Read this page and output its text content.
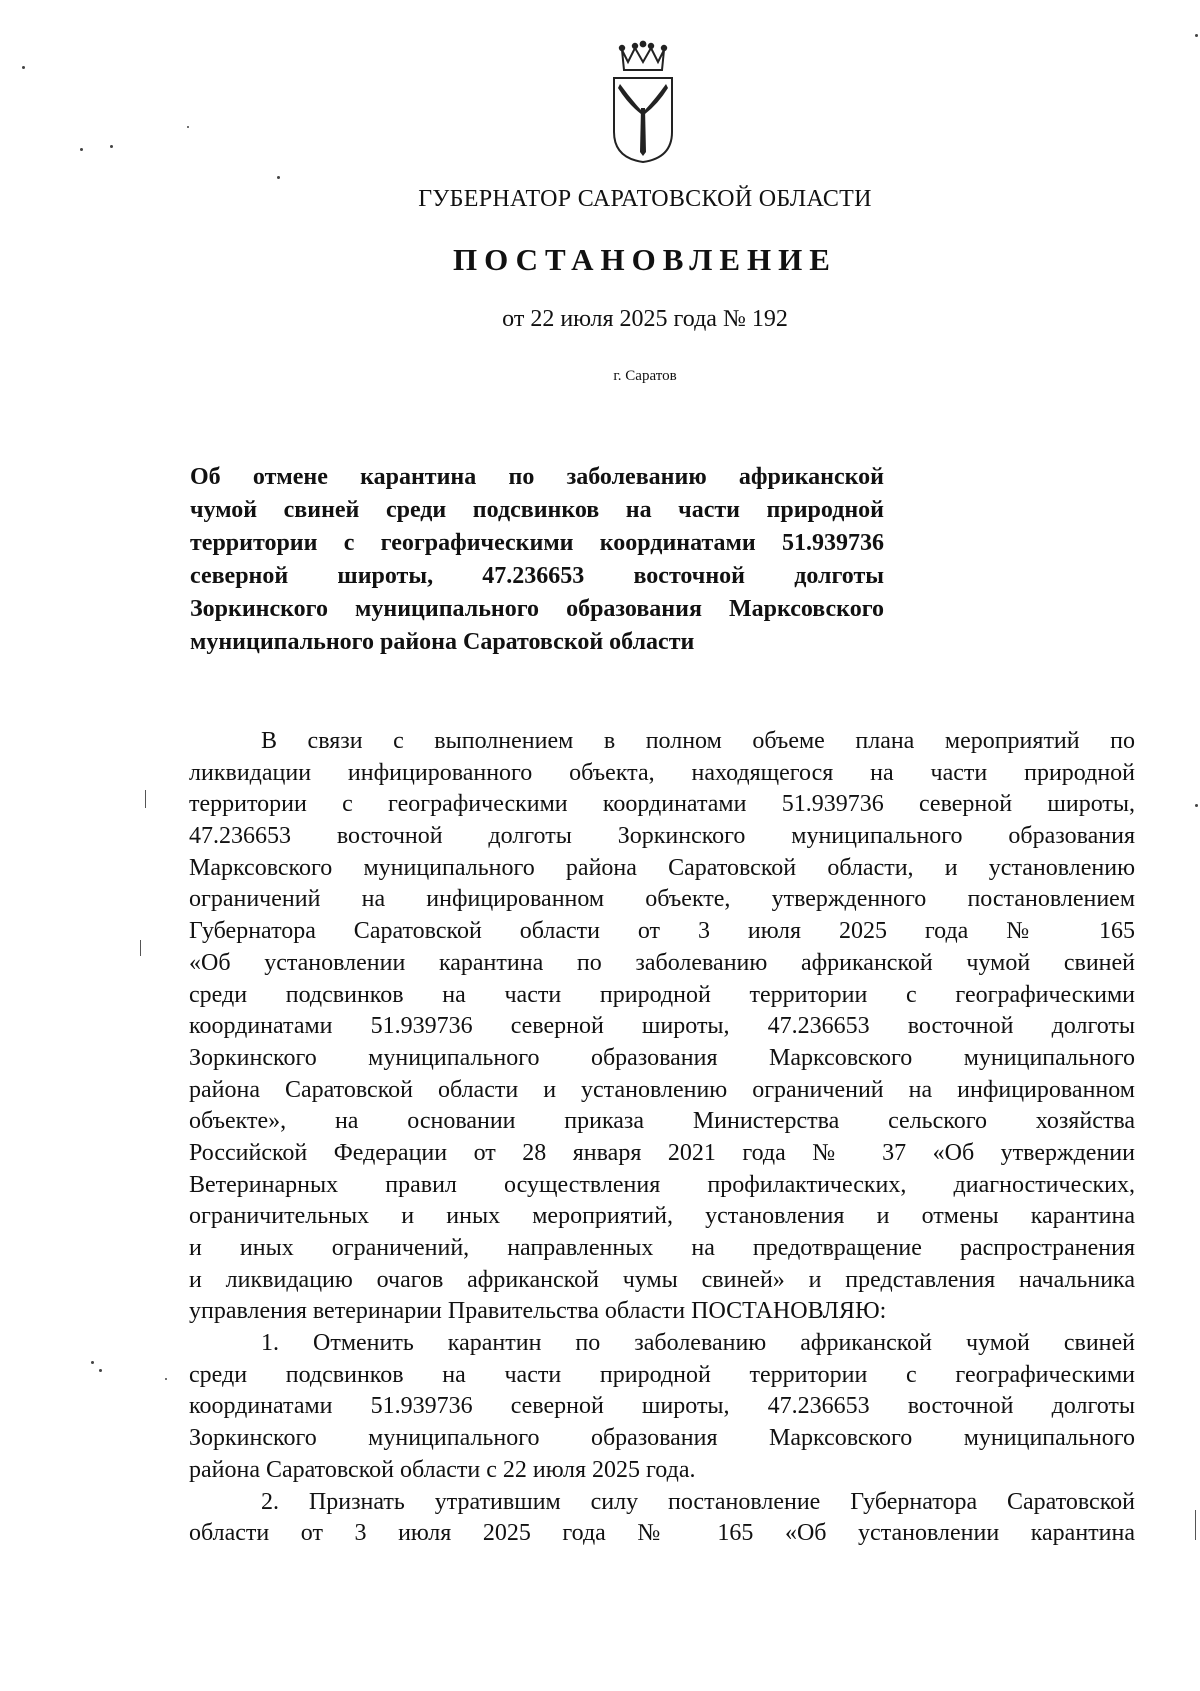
ГУБЕРНАТОР САРАТОВСКОЙ ОБЛАСТИ
ПОСТАНОВЛЕНИЕ
от 22 июля 2025 года № 192
г. Саратов
Об отмене карантина по заболеванию африканской
чумой свиней среди подсвинков на части природной
территории с географическими координатами 51.939736
северной широты, 47.236653 восточной долготы
Зоркинского муниципального образования Марксовского
муниципального района Саратовской области
В связи с выполнением в полном объеме плана мероприятий по
ликвидации инфицированного объекта, находящегося на части природной
территории с географическими координатами 51.939736 северной широты,
47.236653 восточной долготы Зоркинского муниципального образования
Марксовского муниципального района Саратовской области, и установлению
ограничений на инфицированном объекте, утвержденного постановлением
Губернатора Саратовской области от 3 июля 2025 года № 165
«Об установлении карантина по заболеванию африканской чумой свиней
среди подсвинков на части природной территории с географическими
координатами 51.939736 северной широты, 47.236653 восточной долготы
Зоркинского муниципального образования Марксовского муниципального
района Саратовской области и установлению ограничений на инфицированном
объекте», на основании приказа Министерства сельского хозяйства
Российской Федерации от 28 января 2021 года № 37 «Об утверждении
Ветеринарных правил осуществления профилактических, диагностических,
ограничительных и иных мероприятий, установления и отмены карантина
и иных ограничений, направленных на предотвращение распространения
и ликвидацию очагов африканской чумы свиней» и представления начальника
управления ветеринарии Правительства области ПОСТАНОВЛЯЮ:
1. Отменить карантин по заболеванию африканской чумой свиней
среди подсвинков на части природной территории с географическими
координатами 51.939736 северной широты, 47.236653 восточной долготы
Зоркинского муниципального образования Марксовского муниципального
района Саратовской области с 22 июля 2025 года.
2. Признать утратившим силу постановление Губернатора Саратовской
области от 3 июля 2025 года № 165 «Об установлении карантина
